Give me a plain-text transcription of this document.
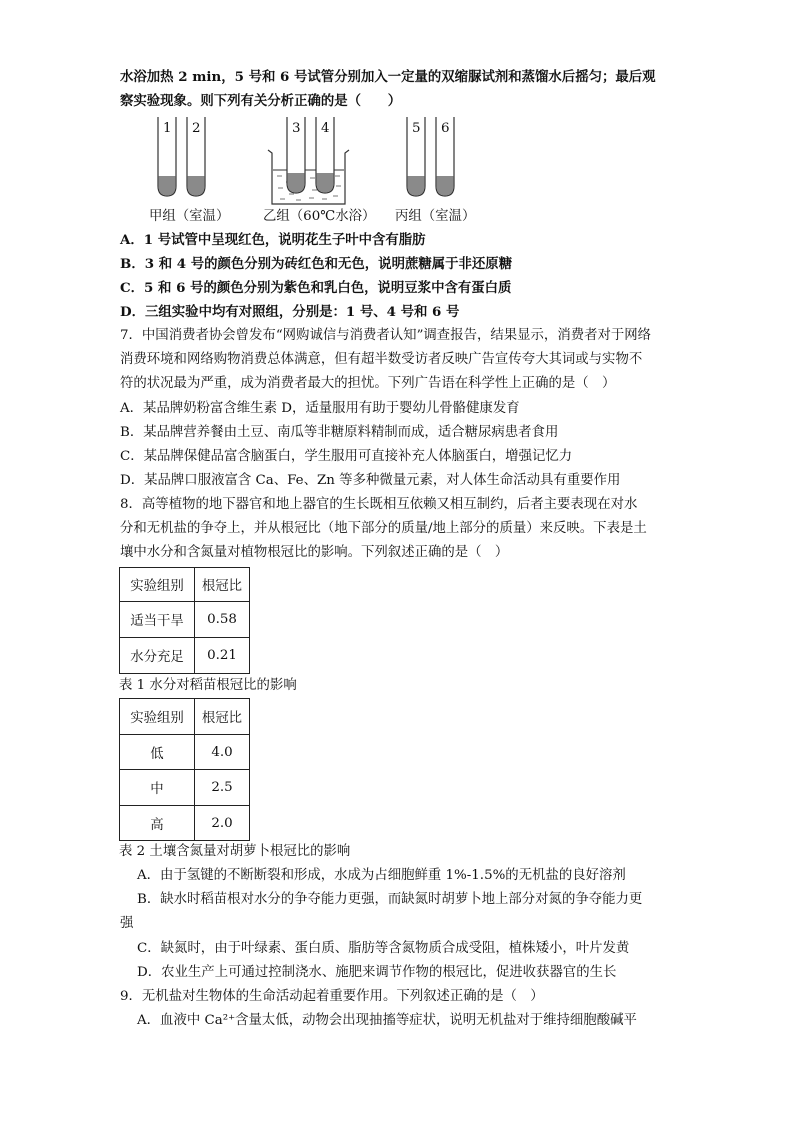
水浴加热 2 min，5 号和 6 号试管分别加入一定量的双缩脲试剂和蒸馏水后摇匀；最后观
察实验现象。则下列有关分析正确的是（　　）
1 2	3 4	5 6
甲组（室温）	乙组（60℃水浴） 丙组（室温）
A．1 号试管中呈现红色，说明花生子叶中含有脂肪
B．3 和 4 号的颜色分别为砖红色和无色，说明蔗糖属于非还原糖
C．5 和 6 号的颜色分别为紫色和乳白色，说明豆浆中含有蛋白质
D．三组实验中均有对照组，分别是：1 号、4 号和 6 号
7．中国消费者协会曾发布“网购诚信与消费者认知”调查报告，结果显示，消费者对于网络
消费环境和网络购物消费总体满意，但有超半数受访者反映广告宣传夸大其词或与实物不
符的状况最为严重，成为消费者最大的担忧。下列广告语在科学性上正确的是（　）
A．某品牌奶粉富含维生素 D，适量服用有助于婴幼儿骨骼健康发育
B．某品牌营养餐由土豆、南瓜等非糖原料精制而成，适合糖尿病患者食用
C．某品牌保健品富含脑蛋白，学生服用可直接补充人体脑蛋白，增强记忆力
D．某品牌口服液富含 Ca、Fe、Zn 等多种微量元素，对人体生命活动具有重要作用
8．高等植物的地下器官和地上器官的生长既相互依赖又相互制约，后者主要表现在对水
分和无机盐的争夺上，并从根冠比（地下部分的质量/地上部分的质量）来反映。下表是土
壤中水分和含氮量对植物根冠比的影响。下列叙述正确的是（　）
实验组别	根冠比
适当干旱	0.58
水分充足	0.21
表 1 水分对稻苗根冠比的影响
实验组别	根冠比
低	4.0
中	2.5
高	2.0
表 2 土壤含氮量对胡萝卜根冠比的影响
A．由于氢键的不断断裂和形成，水成为占细胞鲜重 1%-1.5%的无机盐的良好溶剂
B．缺水时稻苗根对水分的争夺能力更强，而缺氮时胡萝卜地上部分对氮的争夺能力更
强
C．缺氮时，由于叶绿素、蛋白质、脂肪等含氮物质合成受阻，植株矮小，叶片发黄
D．农业生产上可通过控制浇水、施肥来调节作物的根冠比，促进收获器官的生长
9．无机盐对生物体的生命活动起着重要作用。下列叙述正确的是（　）
A．血液中 Ca²⁺含量太低，动物会出现抽搐等症状，说明无机盐对于维持细胞酸碱平
